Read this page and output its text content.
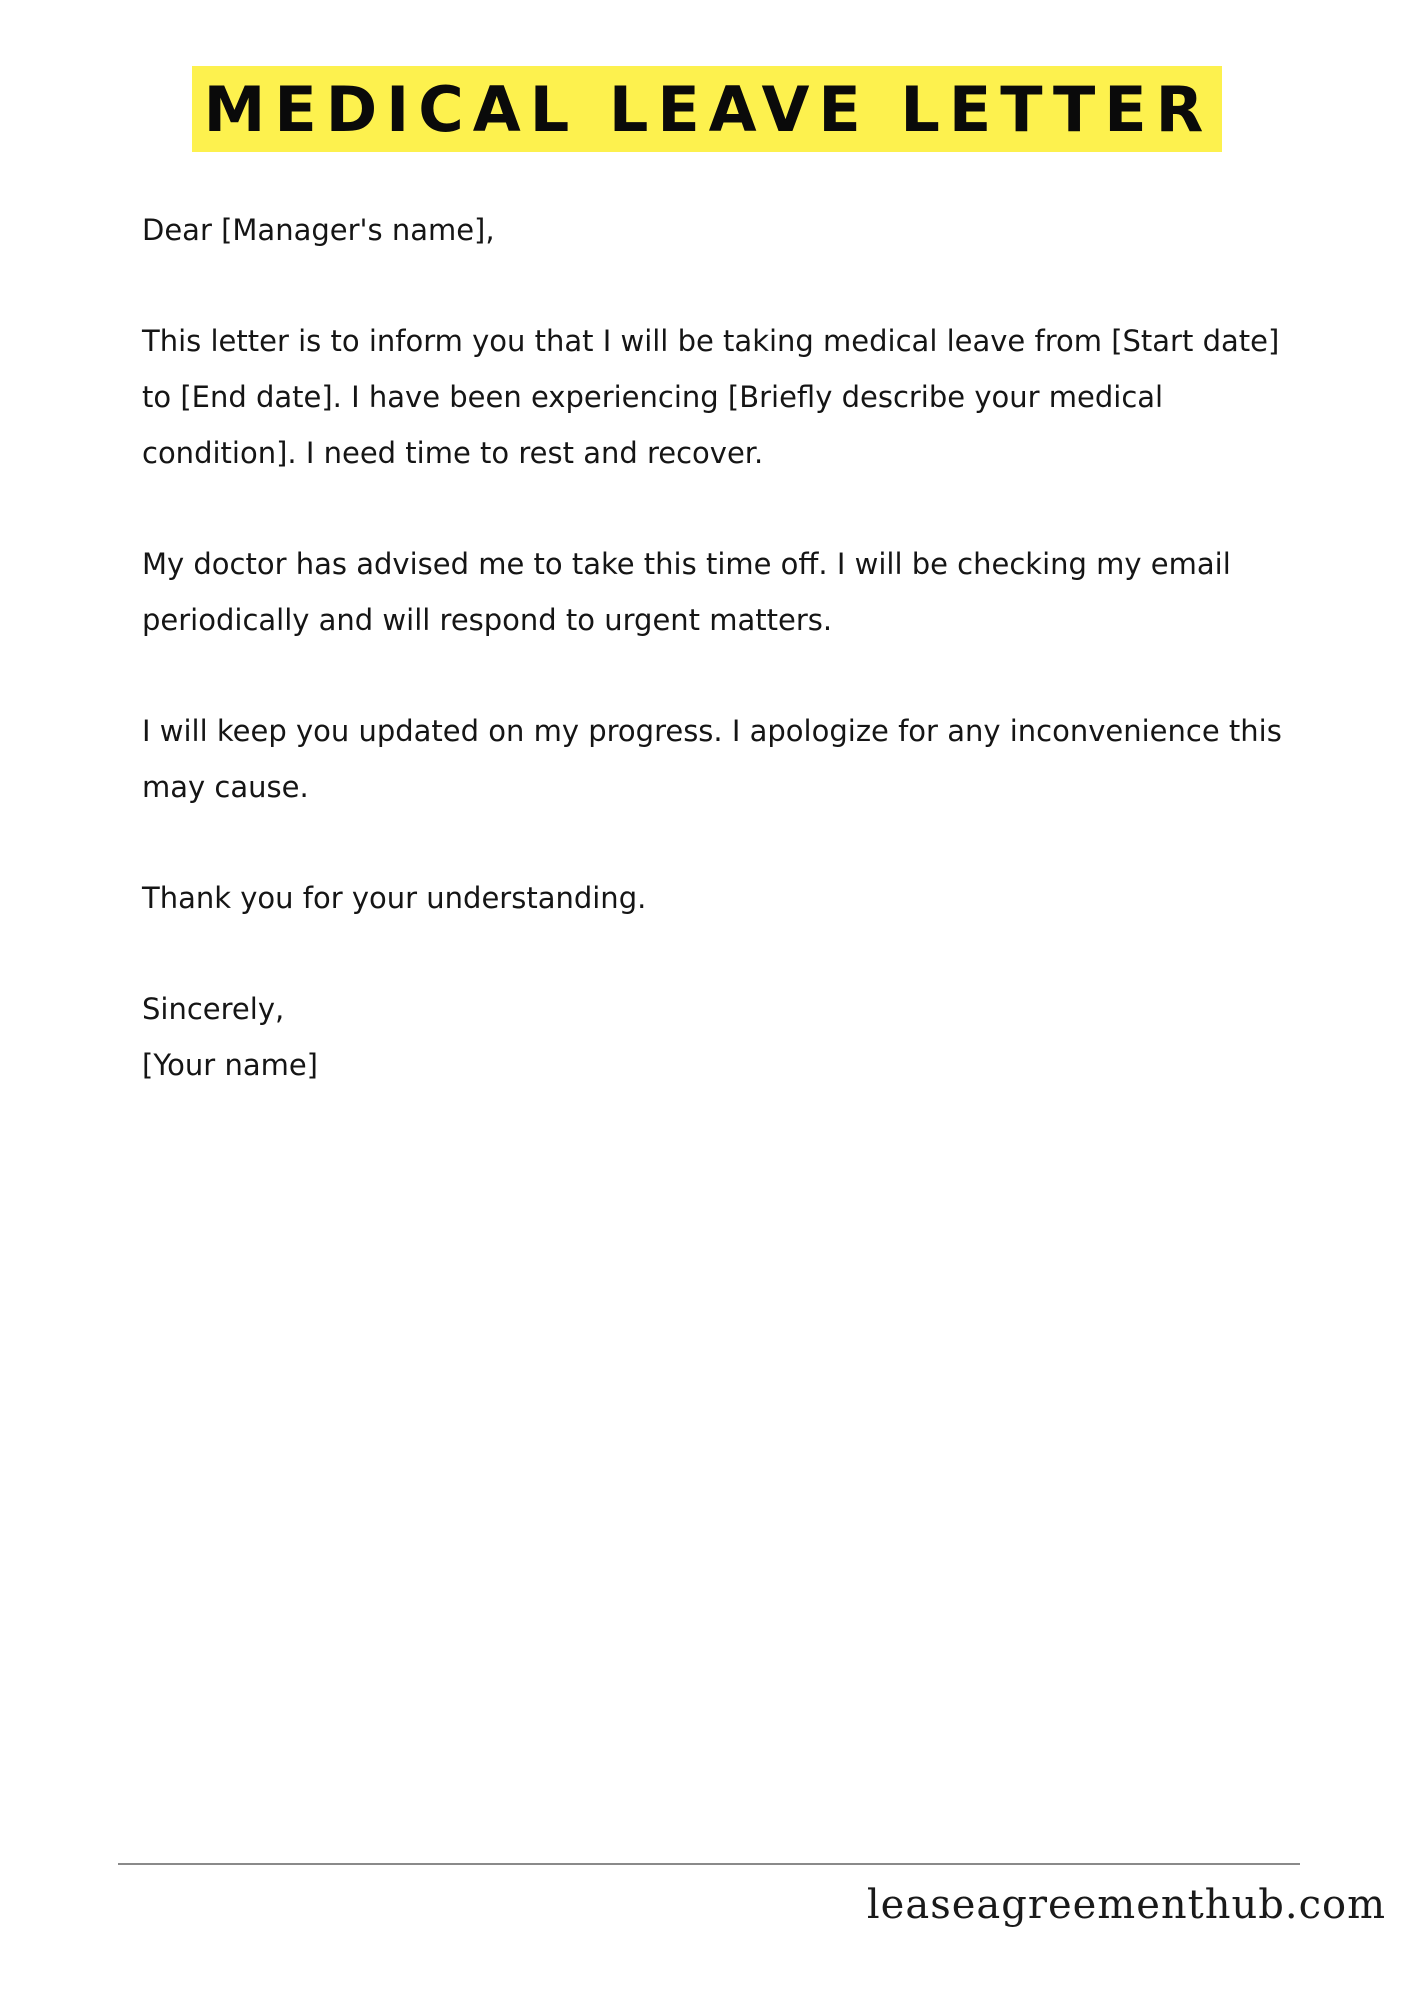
MEDICAL LEAVE LETTER

Dear [Manager's name],

This letter is to inform you that I will be taking medical leave from [Start date] to [End date]. I have been experiencing [Briefly describe your medical condition]. I need time to rest and recover.

My doctor has advised me to take this time off. I will be checking my email periodically and will respond to urgent matters.

I will keep you updated on my progress. I apologize for any inconvenience this may cause.

Thank you for your understanding.

Sincerely,

[Your name]

leaseagreementhub.com
